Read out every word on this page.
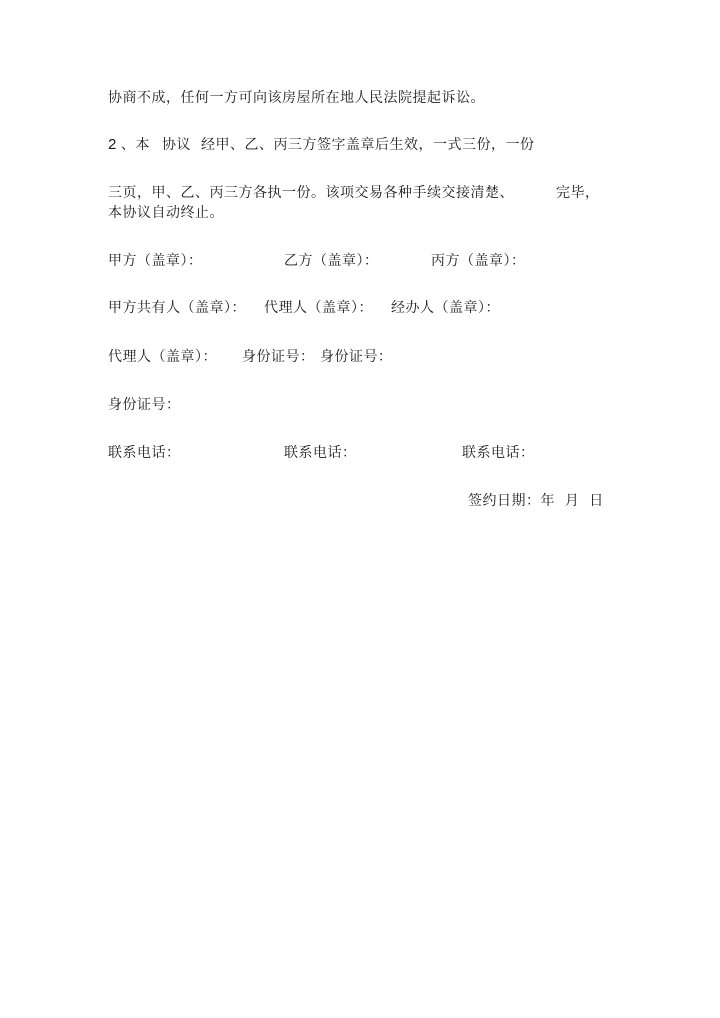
协商不成，任何一方可向该房屋所在地人民法院提起诉讼。
2 、本 协议 经甲、乙、丙三方签字盖章后生效，一式三份，一份
三页，甲、乙、丙三方各执一份。该项交易各种手续交接清楚、	完毕，
本协议自动终止。
甲方（盖章）：	乙方（盖章）：	丙方（盖章）：
甲方共有人（盖章）： 代理人（盖章）： 经办人（盖章）：
代理人（盖章）： 身份证号： 身份证号：
身份证号：
联系电话：	联系电话：	联系电话：
签约日期：年  月  日
